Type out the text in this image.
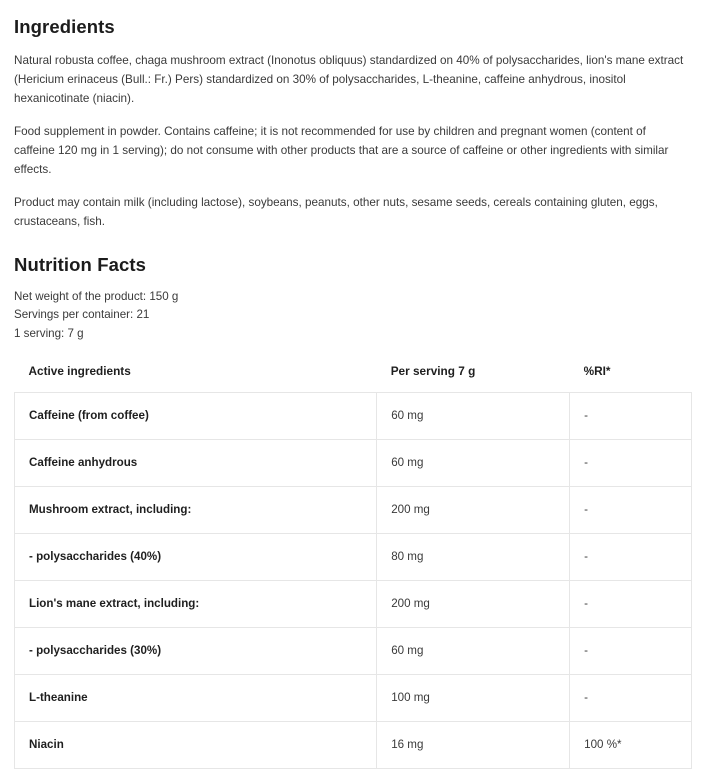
Ingredients

Natural robusta coffee, chaga mushroom extract (Inonotus obliquus) standardized on 40% of polysaccharides, lion's mane extract (Hericium erinaceus (Bull.: Fr.) Pers) standardized on 30% of polysaccharides, L-theanine, caffeine anhydrous, inositol hexanicotinate (niacin).

Food supplement in powder. Contains caffeine; it is not recommended for use by children and pregnant women (content of caffeine 120 mg in 1 serving); do not consume with other products that are a source of caffeine or other ingredients with similar effects.

Product may contain milk (including lactose), soybeans, peanuts, other nuts, sesame seeds, cereals containing gluten, eggs, crustaceans, fish.

Nutrition Facts
Net weight of the product: 150 g
Servings per container: 21
1 serving: 7 g
Active ingredients	Per serving 7 g	%RI*
Caffeine (from coffee)	60 mg	-
Caffeine anhydrous	60 mg	-
Mushroom extract, including:	200 mg	-
- polysaccharides (40%)	80 mg	-
Lion's mane extract, including:	200 mg	-
- polysaccharides (30%)	60 mg	-
L-theanine	100 mg	-
Niacin	16 mg	100 %*
